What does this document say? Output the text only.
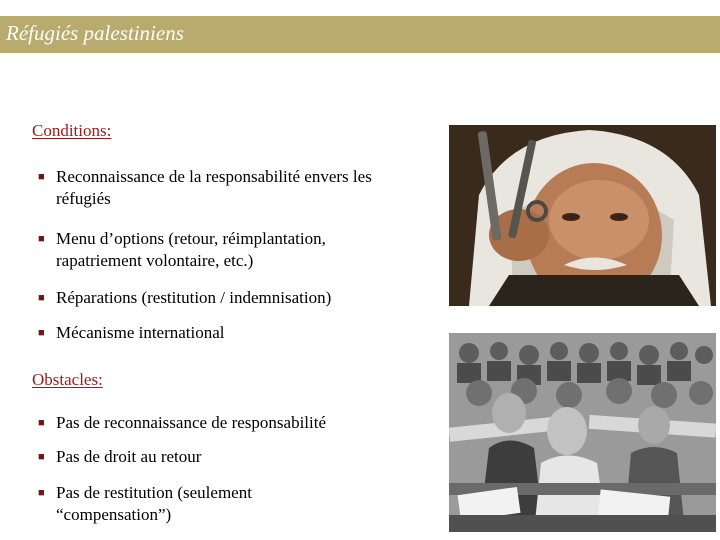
Réfugiés palestiniens
Conditions:
■ Reconnaissance de la responsabilité envers les
réfugiés
■ Menu d’options (retour, réimplantation,
rapatriement volontaire, etc.)
■ Réparations (restitution / indemnisation)
■ Mécanisme international
Obstacles:
■ Pas de reconnaissance de responsabilité
■ Pas de droit au retour
■ Pas de restitution (seulement
“compensation”)
